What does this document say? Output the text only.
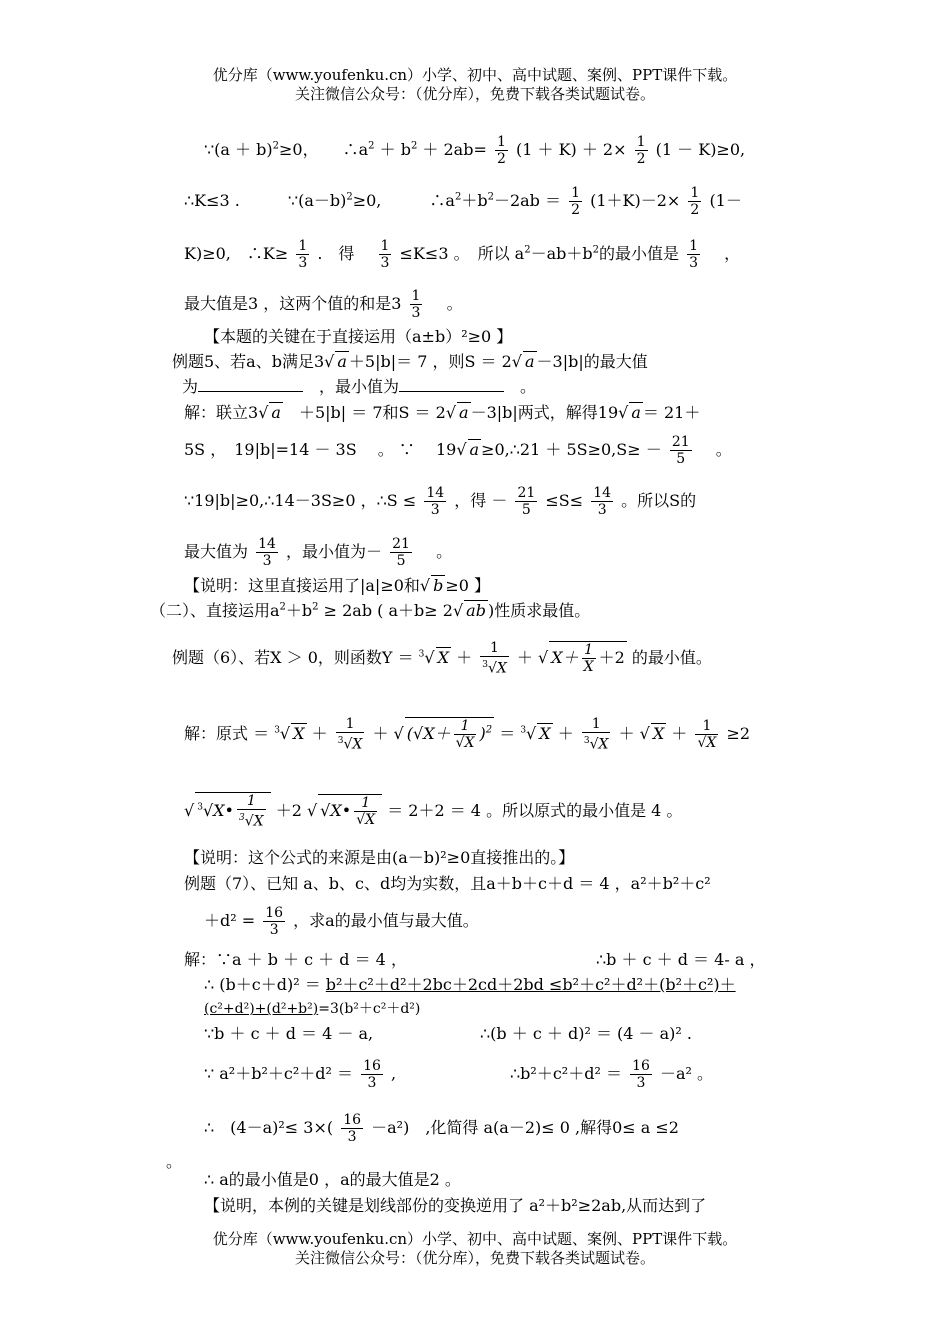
优分库（www.youfenku.cn）小学、初中、高中试题、案例、PPT课件下载。
关注微信公众号：（优分库），免费下载各类试题试卷。
∵(a ＋ b)$^2$≥0，　　$\therefore a^2 + b^2 + 2ab= \frac{1}{2} (1 + K) + 2\times \frac{1}{2} (1 - K)\ge 0$,
∴K≤3 .　　　$\because(a-b)^2\ge 0$,　　　$\therefore a^2+b^2-2ab = \frac{1}{2} (1+K)-2\times \frac{1}{2} (1-$
K)≥0,　∴K≥ $\frac{1}{3}$ .　得　 $\frac{1}{3} \le K\le 3$ 。　所以 $a^2-ab+b^2$的最小值是 $\frac{1}{3}$ 　，
最大值是3 ，这两个值的和是$3 \frac{1}{3}$ 　。
【本题的关键在于直接运用（a±b）²≥0 】
例题5、若a、b满足3√ a ＋5|b|＝ 7 ，则S ＝ 2√ a －3|b|的最大值
为	　，最小值为	　。
解：联立3√ a　＋5|b| ＝ 7和S ＝ 2√ a －3|b|两式，解得19√ a ＝ 21＋
5S ，　19|b|=14 － 3S　 。 ∵　 19√ a ≥0,∴21 ＋ $5S\ge 0,S\ge - \frac{21}{5}$ 　。
∵19|b|≥0,∴14－3S≥0 ，∴S ≤ $\frac{14}{3}$ ，得 － $\frac{21}{5} \le S\le \frac{14}{3}$ 。所以S的
最大值为 $\frac{14}{3}$ ，最小值为－ $\frac{21}{5}$ 　。
【说明：这里直接运用了|a|≥0和√ b ≥0 】
（二）、直接运用$a^2+b^2 \ge 2ab$ ( a＋b≥ 2√ ab )性质求最值。
例题（6）、若X ＞ 0，则函数Y ＝ $^3$√ $X + \frac{1}{^3√X}$ ＋ √ $X+ \frac{1}{X} +2$ 的最小值。
解：原式 ＝ $^3$√ $X + \frac{1}{^3√X}$ ＋ √ $(√X+ \frac{1}{√X} )^2 = ^3√$ $X + \frac{1}{^3√X}$ ＋ √ $X + \frac{1}{√X} \ge 2$
√ $^3$√X• $\frac{1}{^3√X} +2$ √ √X• $\frac{1}{√X} = 2+2 = 4$ 。所以原式的最小值是 4 。
【说明：这个公式的来源是由(a－b)²≥0直接推出的。】
例题（7）、已知 a、b、c、d均为实数，且a＋b＋c＋d ＝ 4 ，a²＋b²＋c²
$+d^2 = \frac{16}{3}$ ，求a的最小值与最大值。
解：∵a ＋ b ＋ c ＋ d ＝ 4 ，	∴b ＋ c ＋ d ＝ 4- a ，
∴ (b＋c＋d)² ＝ b²＋c²＋d²＋2bc＋2cd＋2bd ≤b²＋c²＋d²＋(b²＋c²)＋
(c²+d²)+(d²+b²)=3(b²＋c²＋d²)
∵b ＋ c ＋ d ＝ 4 － a,	∴(b ＋ c ＋ d)² ＝ (4 － a)² .
∵ $a^2+b^2+c^2+d^2 = \frac{16}{3}$ ,	∴b²＋c²＋d² ＝ $\frac{16}{3} -a^2$ 。
∴　$(4-a)^2\le 3\times( \frac{16}{3} -a^2)$　,化简得 a(a－2)≤ 0 ,解得0≤ a ≤2
。
∴ a的最小值是0 ，a的最大值是2 。
【说明，本例的关键是划线部份的变换逆用了 a²＋b²≥2ab,从而达到了
优分库（www.youfenku.cn）小学、初中、高中试题、案例、PPT课件下载。
关注微信公众号：（优分库），免费下载各类试题试卷。
